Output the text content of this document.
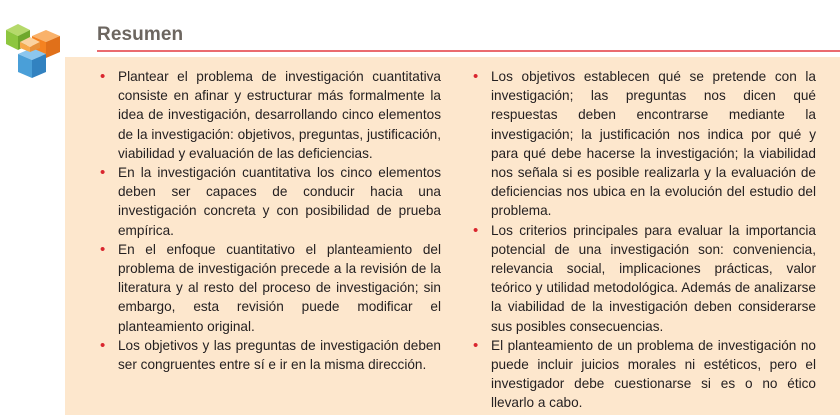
Resumen
• Plantear el problema de investigación cuantitativa consiste en afinar y estructurar más formalmente la idea de investigación, desarrollando cinco elementos de la investigación: objetivos, preguntas, justificación, viabilidad y evaluación de las deficiencias.
• En la investigación cuantitativa los cinco elementos deben ser capaces de conducir hacia una investigación concreta y con posibilidad de prueba empírica.
• En el enfoque cuantitativo el planteamiento del problema de investigación precede a la revisión de la literatura y al resto del proceso de investigación; sin embargo, esta revisión puede modificar el planteamiento original.
• Los objetivos y las preguntas de investigación deben ser congruentes entre sí e ir en la misma dirección.
• Los objetivos establecen qué se pretende con la investigación; las preguntas nos dicen qué respuestas deben encontrarse mediante la investigación; la justificación nos indica por qué y para qué debe hacerse la investigación; la viabilidad nos señala si es posible realizarla y la evaluación de deficiencias nos ubica en la evolución del estudio del problema.
• Los criterios principales para evaluar la importancia potencial de una investigación son: conveniencia, relevancia social, implicaciones prácticas, valor teórico y utilidad metodológica. Además de analizarse la viabilidad de la investigación deben considerarse sus posibles consecuencias.
• El planteamiento de un problema de investigación no puede incluir juicios morales ni estéticos, pero el investigador debe cuestionarse si es o no ético llevarlo a cabo.
